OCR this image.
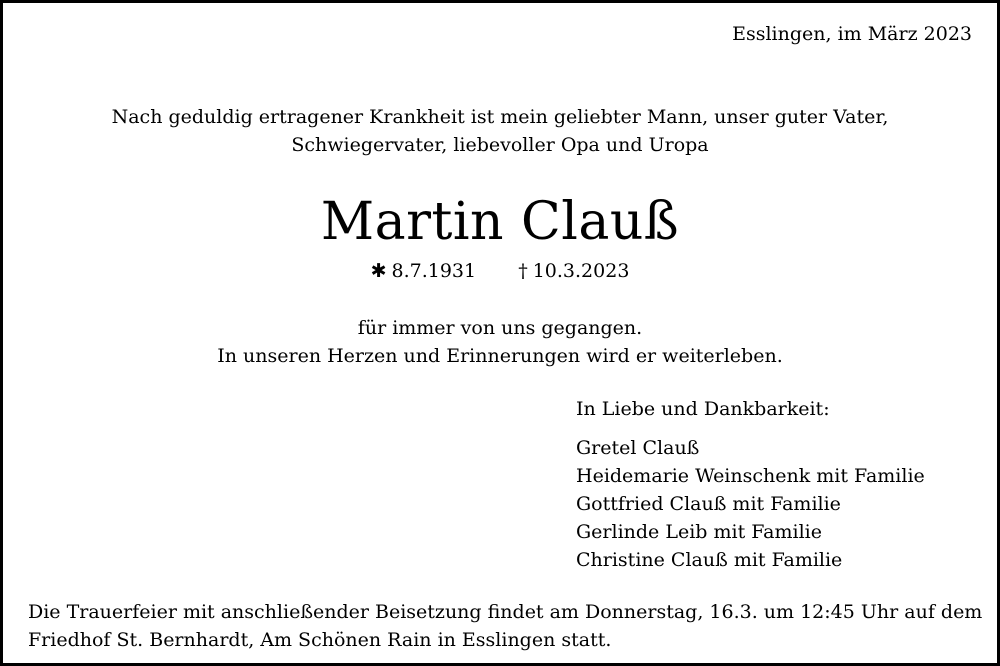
Esslingen, im März 2023
Nach geduldig ertragener Krankheit ist mein geliebter Mann, unser guter Vater,
Schwiegervater, liebevoller Opa und Uropa
Martin Clauß
✱ 8.7.1931 † 10.3.2023
für immer von uns gegangen.
In unseren Herzen und Erinnerungen wird er weiterleben.
In Liebe und Dankbarkeit:
Gretel Clauß
Heidemarie Weinschenk mit Familie
Gottfried Clauß mit Familie
Gerlinde Leib mit Familie
Christine Clauß mit Familie
Die Trauerfeier mit anschließender Beisetzung findet am Donnerstag, 16.3. um 12:45 Uhr auf dem
Friedhof St. Bernhardt, Am Schönen Rain in Esslingen statt.
